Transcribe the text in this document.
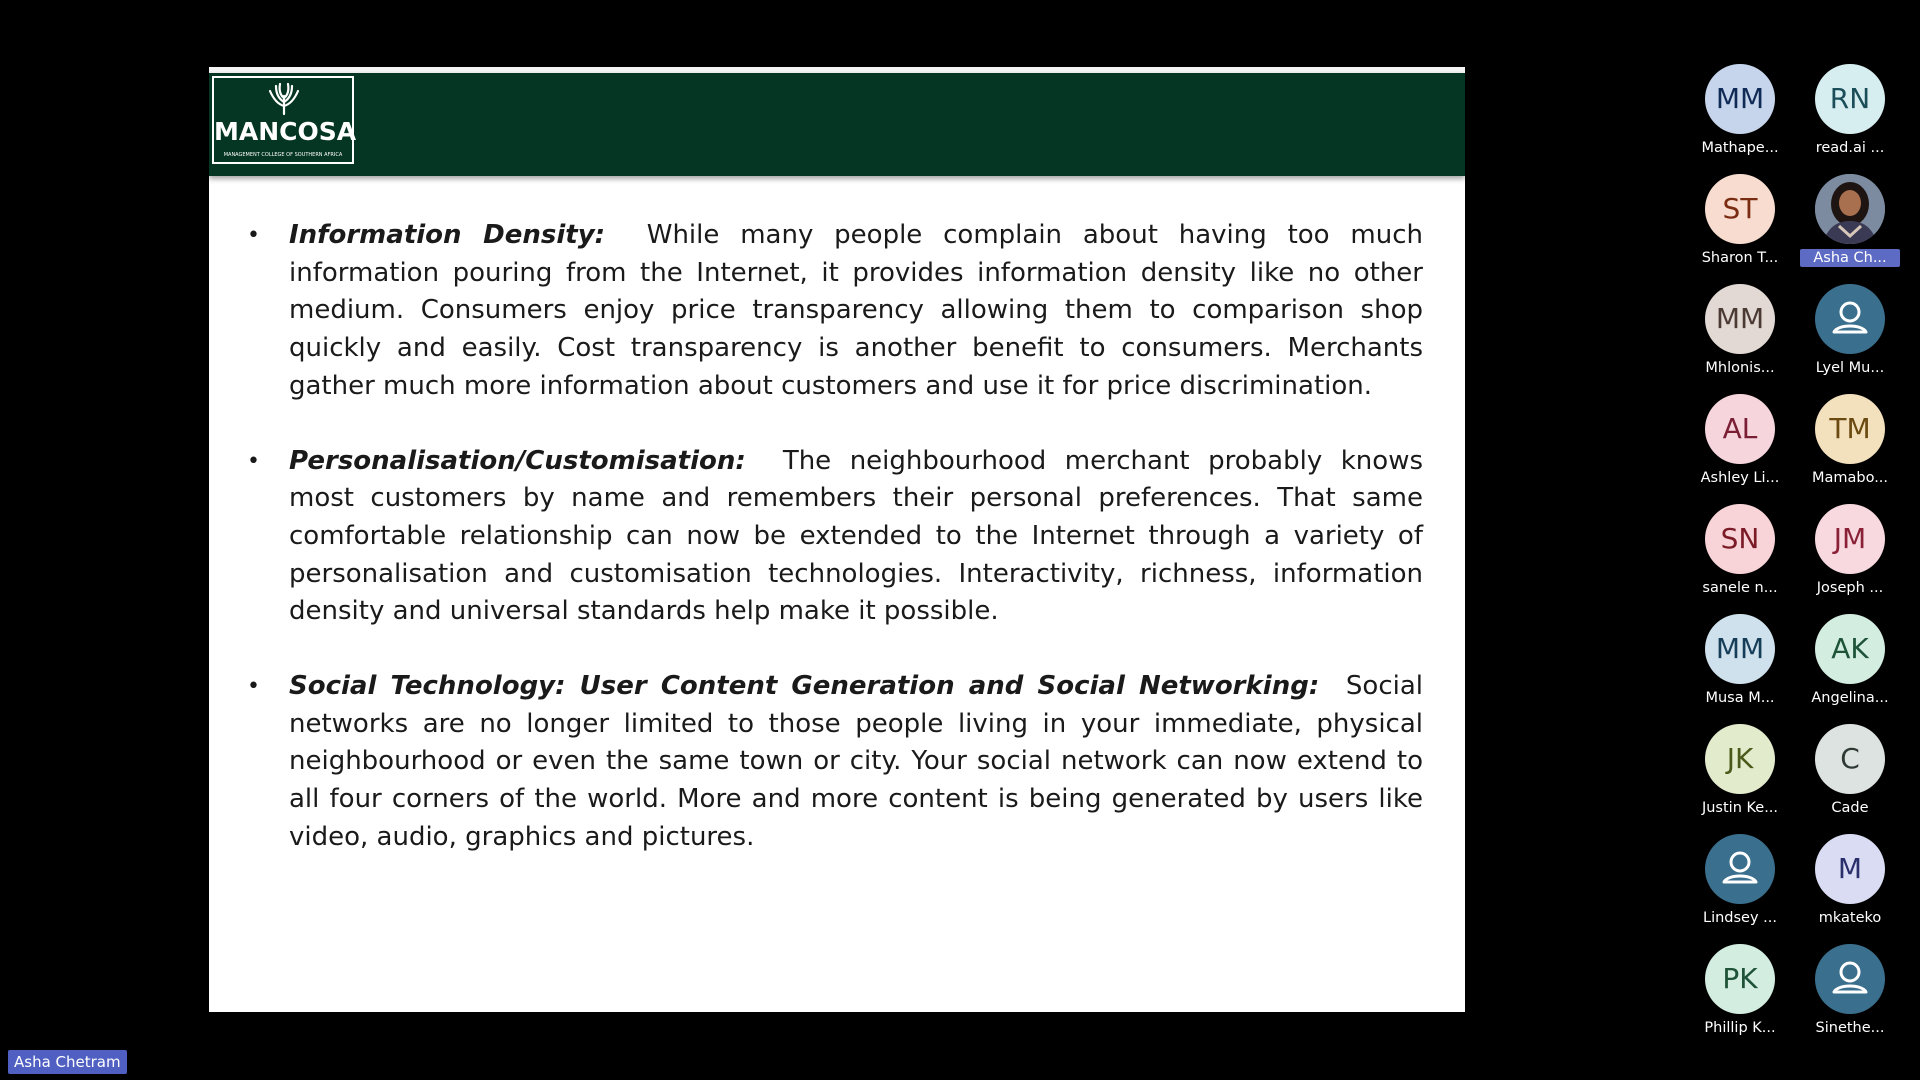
MANCOSA
MANAGEMENT COLLEGE OF SOUTHERN AFRICA
• Information Density: While many people complain about having too much information pouring from the Internet, it provides information density like no other medium. Consumers enjoy price transparency allowing them to comparison shop quickly and easily. Cost transparency is another benefit to consumers. Merchants gather much more information about customers and use it for price discrimination.
• Personalisation/Customisation: The neighbourhood merchant probably knows most customers by name and remembers their personal preferences. That same comfortable relationship can now be extended to the Internet through a variety of personalisation and customisation technologies. Interactivity, richness, information density and universal standards help make it possible.
• Social Technology: User Content Generation and Social Networking: Social networks are no longer limited to those people living in your immediate, physical neighbourhood or even the same town or city. Your social network can now extend to all four corners of the world. More and more content is being generated by users like video, audio, graphics and pictures.
MM
Mathape...
RN
read.ai ...
ST
Sharon T...	Asha Ch...
MM
Mhlonis...	Lyel Mu...
AL
Ashley Li...
TM
Mamabo...
SN
sanele n...
JM
Joseph ...
MM
Musa M...
AK
Angelina...
JK
Justin Ke...
C
Cade
Lindsey ...
M
mkateko
PK
Phillip K...	Sinethe...
Asha Chetram
